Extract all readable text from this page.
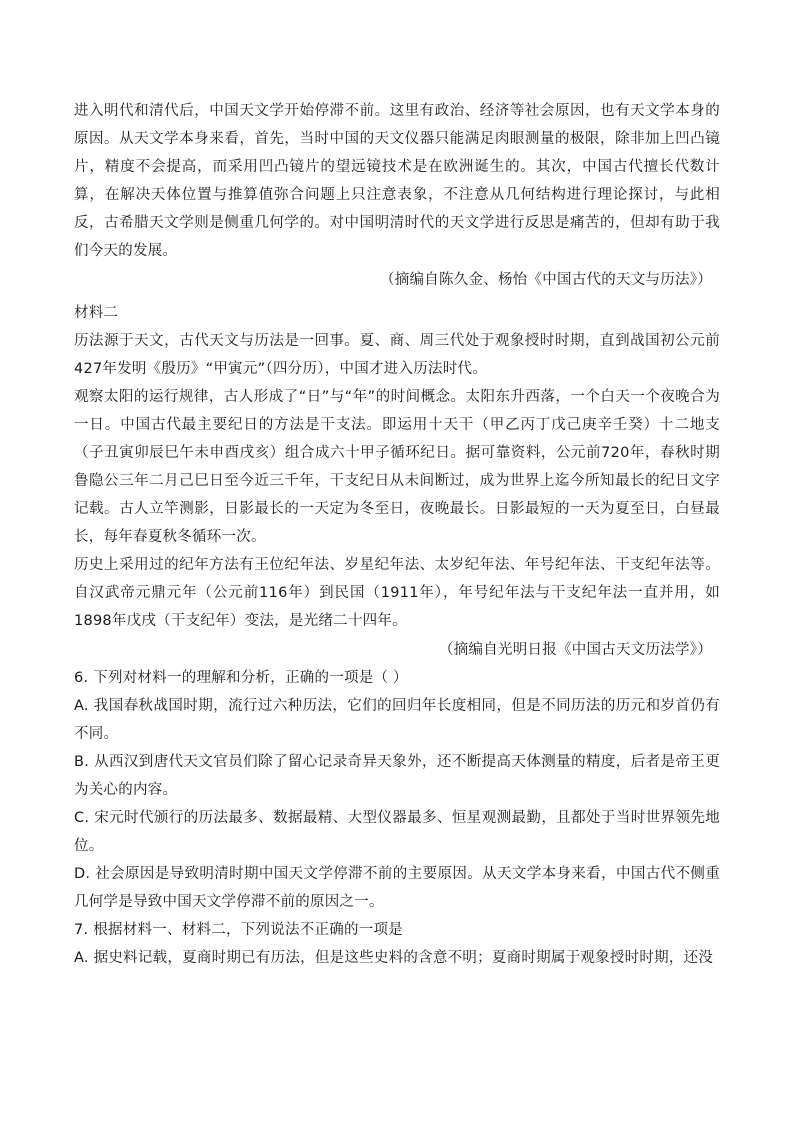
进入明代和清代后，中国天文学开始停滞不前。这里有政治、经济等社会原因，也有天文学本身的原因。从天文学本身来看，首先，当时中国的天文仪器只能满足肉眼测量的极限，除非加上凹凸镜片，精度不会提高，而采用凹凸镜片的望远镜技术是在欧洲诞生的。其次，中国古代擅长代数计算，在解决天体位置与推算值弥合问题上只注意表象，不注意从几何结构进行理论探讨，与此相反，古希腊天文学则是侧重几何学的。对中国明清时代的天文学进行反思是痛苦的，但却有助于我们今天的发展。

（摘编自陈久金、杨怡《中国古代的天文与历法》）

材料二

历法源于天文，古代天文与历法是一回事。夏、商、周三代处于观象授时时期，直到战国初公元前427年发明《殷历》“甲寅元”（四分历），中国才进入历法时代。

观察太阳的运行规律，古人形成了“日”与“年”的时间概念。太阳东升西落，一个白天一个夜晚合为一日。中国古代最主要纪日的方法是干支法。即运用十天干（甲乙丙丁戊己庚辛壬癸）十二地支（子丑寅卯辰巳午未申酉戌亥）组合成六十甲子循环纪日。据可靠资料，公元前720年，春秋时期鲁隐公三年二月己巳日至今近三千年，干支纪日从未间断过，成为世界上迄今所知最长的纪日文字记载。古人立竿测影，日影最长的一天定为冬至日，夜晚最长。日影最短的一天为夏至日，白昼最长，每年春夏秋冬循环一次。

历史上采用过的纪年方法有王位纪年法、岁星纪年法、太岁纪年法、年号纪年法、干支纪年法等。自汉武帝元鼎元年（公元前116年）到民国（1911年），年号纪年法与干支纪年法一直并用，如1898年戊戌（干支纪年）变法，是光绪二十四年。

（摘编自光明日报《中国古天文历法学》）

6. 下列对材料一的理解和分析，正确的一项是（ ）

A. 我国春秋战国时期，流行过六种历法，它们的回归年长度相同，但是不同历法的历元和岁首仍有不同。

B. 从西汉到唐代天文官员们除了留心记录奇异天象外，还不断提高天体测量的精度，后者是帝王更为关心的内容。

C. 宋元时代颁行的历法最多、数据最精、大型仪器最多、恒星观测最勤，且都处于当时世界领先地位。

D. 社会原因是导致明清时期中国天文学停滞不前的主要原因。从天文学本身来看，中国古代不侧重几何学是导致中国天文学停滞不前的原因之一。

7. 根据材料一、材料二，下列说法不正确的一项是

A. 据史料记载，夏商时期已有历法，但是这些史料的含意不明；夏商时期属于观象授时时期，还没
